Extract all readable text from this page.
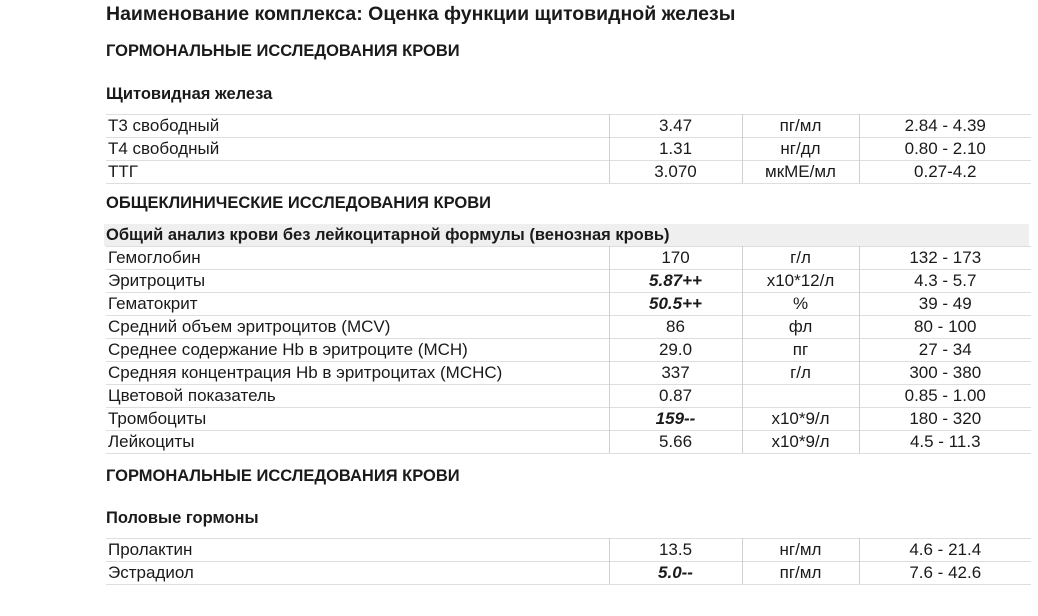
Наименование комплекса: Оценка функции щитовидной железы
ГОРМОНАЛЬНЫЕ ИССЛЕДОВАНИЯ КРОВИ
Щитовидная железа
Т3 свободный	3.47	пг/мл	2.84 - 4.39
Т4 свободный	1.31	нг/дл	0.80 - 2.10
ТТГ	3.070	мкМЕ/мл	0.27-4.2
ОБЩЕКЛИНИЧЕСКИЕ ИССЛЕДОВАНИЯ КРОВИ
Общий анализ крови без лейкоцитарной формулы (венозная кровь)
Гемоглобин	170	г/л	132 - 173
Эритроциты	5.87++	x10*12/л	4.3 - 5.7
Гематокрит	50.5++	%	39 - 49
Средний объем эритроцитов (MCV)	86	фл	80 - 100
Среднее содержание Hb в эритроците (MCH)	29.0	пг	27 - 34
Средняя концентрация Hb в эритроцитах (MCHC)	337	г/л	300 - 380
Цветовой показатель	0.87		0.85 - 1.00
Тромбоциты	159--	x10*9/л	180 - 320
Лейкоциты	5.66	x10*9/л	4.5 - 11.3
ГОРМОНАЛЬНЫЕ ИССЛЕДОВАНИЯ КРОВИ
Половые гормоны
Пролактин	13.5	нг/мл	4.6 - 21.4
Эстрадиол	5.0--	пг/мл	7.6 - 42.6
